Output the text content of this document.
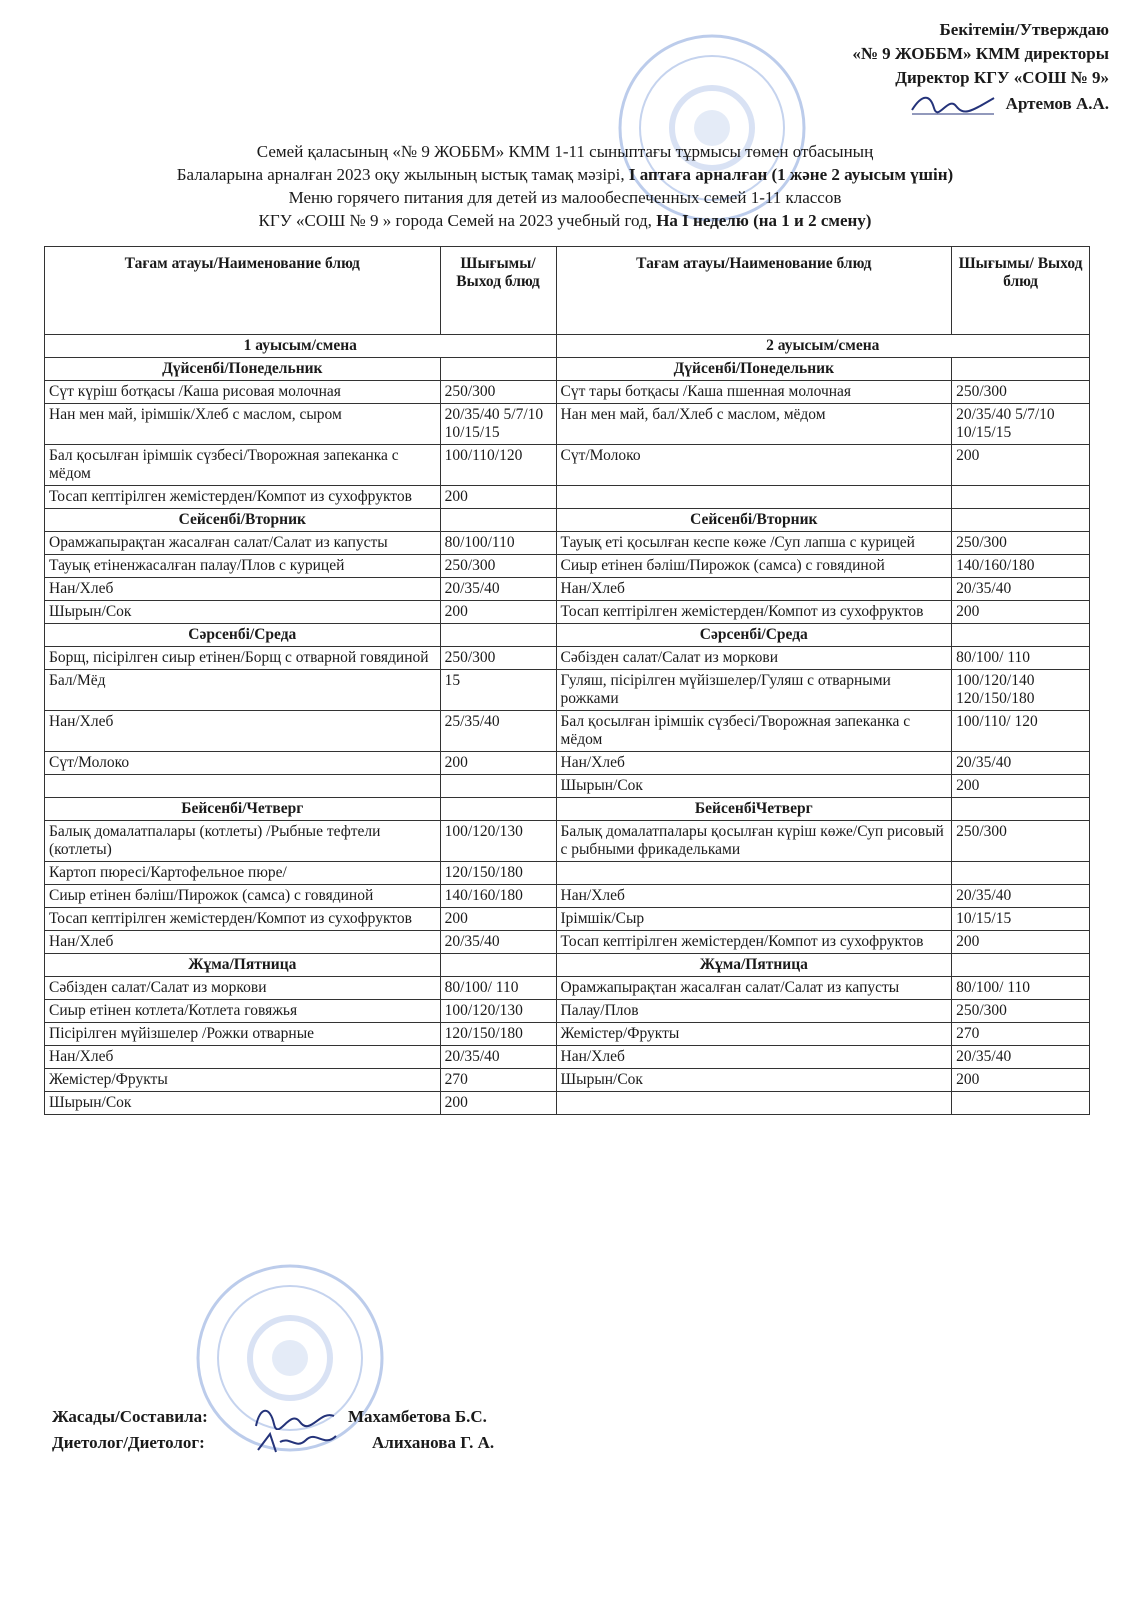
Бекітемін/Утверждаю
«№ 9 ЖОББМ» КММ директоры
Директор КГУ «СОШ № 9»
Артемов А.А.
Семей қаласының «№ 9 ЖОББМ» КММ 1-11 сыныптағы тұрмысы төмен отбасының
Балаларына арналған 2023 оқу жылының ыстық тамақ мәзірі, І аптаға арналған (1 және 2 ауысым үшін)
Меню горячего питания для детей из малообеспеченных семей 1-11 классов
КГУ «СОШ № 9 » города Семей на 2023 учебный год, На I неделю (на 1 и 2 смену)
Тағам атауы/Наименование блюд	Шығымы/ Выход блюд	Тағам атауы/Наименование блюд	Шығымы/ Выход блюд
1 ауысым/смена		2 ауысым/смена	
Дүйсенбі/Понедельник		Дүйсенбі/Понедельник	
Сүт күріш ботқасы /Каша рисовая молочная	250/300	Сүт тары ботқасы /Каша пшенная молочная	250/300
Нан мен май, ірімшік/Хлеб с маслом, сыром	20/35/40 5/7/10 10/15/15	Нан мен май, бал/Хлеб с маслом, мёдом	20/35/40 5/7/10 10/15/15
Бал қосылған ірімшік сүзбесі/Творожная запеканка с мёдом	100/110/120	Сүт/Молоко	200
Тосап кептірілген жемістерден/Компот из сухофруктов	200		
Сейсенбі/Вторник		Сейсенбі/Вторник	
Орамжапырақтан жасалған салат/Салат из капусты	80/100/110	Тауық еті қосылған кеспе көже /Суп лапша с курицей	250/300
Тауық етіненжасалған палау/Плов с курицей	250/300	Сиыр етінен бәліш/Пирожок (самса) с говядиной	140/160/180
Нан/Хлеб	20/35/40	Нан/Хлеб	20/35/40
Шырын/Сок	200	Тосап кептірілген жемістерден/Компот из сухофруктов	200
Сәрсенбі/Среда		Сәрсенбі/Среда	
Борщ, пісірілген сиыр етінен/Борщ с отварной говядиной	250/300	Сәбізден салат/Салат из моркови	80/100/ 110
Бал/Мёд	15	Гуляш, пісірілген мүйізшелер/Гуляш с отварными рожками	100/120/140 120/150/180
Нан/Хлеб	25/35/40	Бал қосылған ірімшік сүзбесі/Творожная запеканка с мёдом	100/110/ 120
Сүт/Молоко	200	Нан/Хлеб	20/35/40
		Шырын/Сок	200
Бейсенбі/Четверг		БейсенбіЧетверг	
Балық домалатпалары (котлеты) /Рыбные тефтели (котлеты)	100/120/130	Балық домалатпалары қосылған күріш көже/Суп рисовый с рыбными фрикадельками	250/300
Картоп пюресі/Картофельное пюре/	120/150/180		
Сиыр етінен бәліш/Пирожок (самса) с говядиной	140/160/180	Нан/Хлеб	20/35/40
Тосап кептірілген жемістерден/Компот из сухофруктов	200	Ірімшік/Сыр	10/15/15
Нан/Хлеб	20/35/40	Тосап кептірілген жемістерден/Компот из сухофруктов	200
Жұма/Пятница		Жұма/Пятница	
Сәбізден салат/Салат из моркови	80/100/ 110	Орамжапырақтан жасалған салат/Салат из капусты	80/100/ 110
Сиыр етінен котлета/Котлета говяжья	100/120/130	Палау/Плов	250/300
Пісірілген мүйізшелер /Рожки отварные	120/150/180	Жемістер/Фрукты	270
Нан/Хлеб	20/35/40	Нан/Хлеб	20/35/40
Жемістер/Фрукты	270	Шырын/Сок	200
Шырын/Сок	200		
Жасады/Составила:	Махамбетова Б.С.
Диетолог/Диетолог:	Алиханова Г. А.
